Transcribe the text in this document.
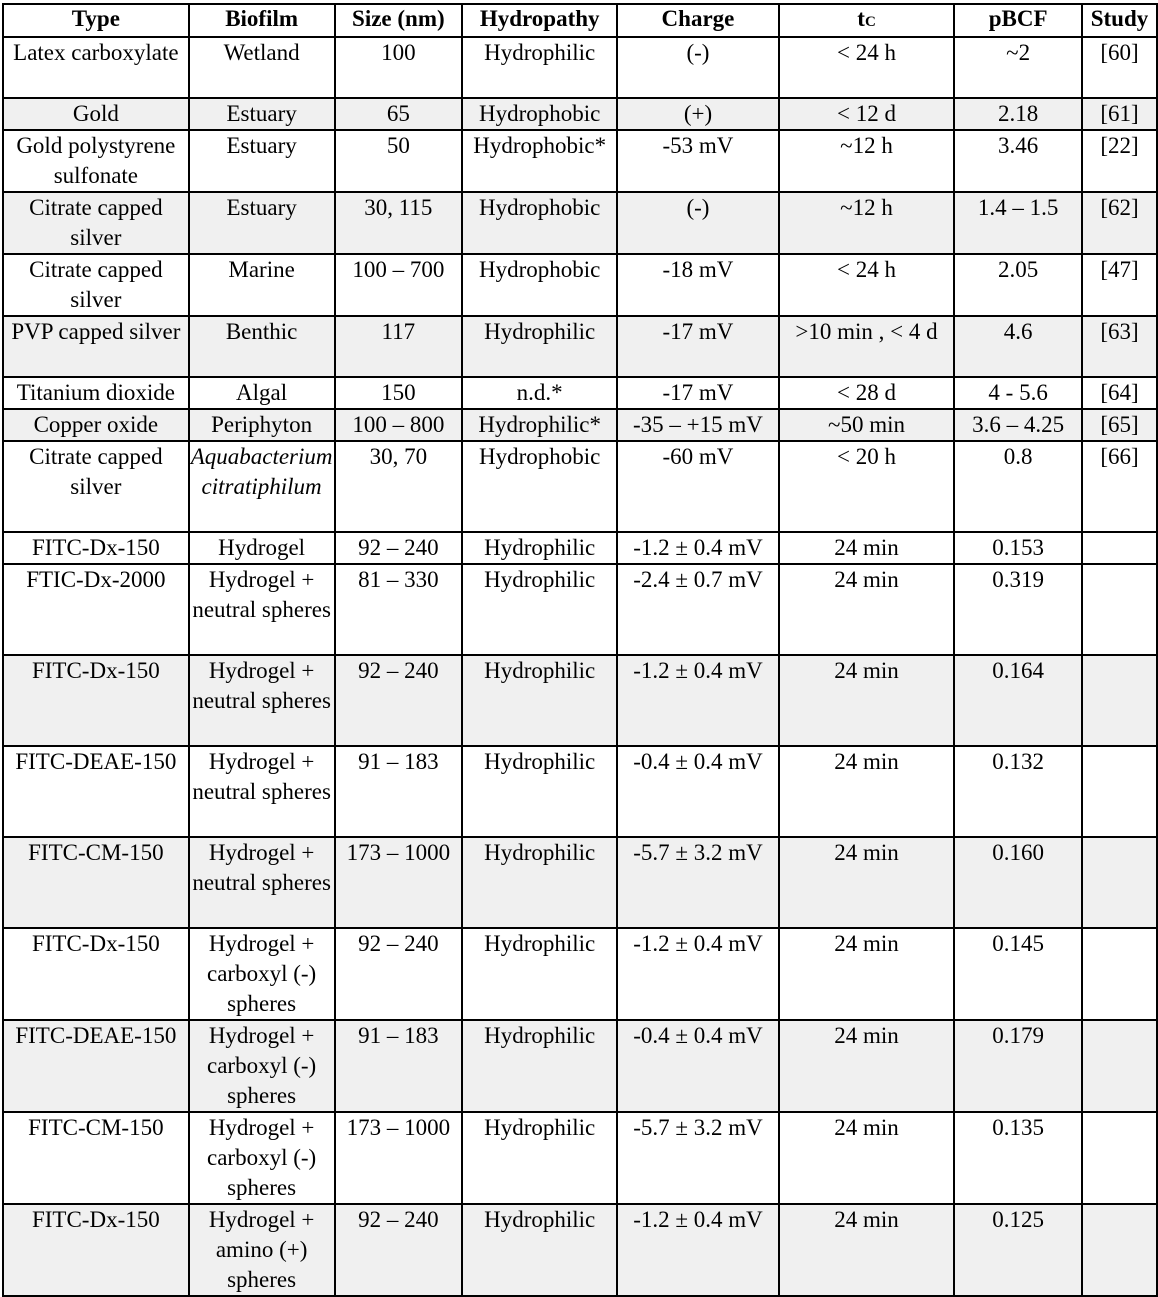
Type	Biofilm	Size (nm)	Hydropathy	Charge	tC	pBCF	Study
Latex carboxylate	Wetland	100	Hydrophilic	(-)	< 24 h	~2	[60]
Gold	Estuary	65	Hydrophobic	(+)	< 12 d	2.18	[61]
Gold polystyrene sulfonate	Estuary	50	Hydrophobic*	-53 mV	~12 h	3.46	[22]
Citrate capped silver	Estuary	30, 115	Hydrophobic	(-)	~12 h	1.4 – 1.5	[62]
Citrate capped silver	Marine	100 – 700	Hydrophobic	-18 mV	< 24 h	2.05	[47]
PVP capped silver	Benthic	117	Hydrophilic	-17 mV	>10 min , < 4 d	4.6	[63]
Titanium dioxide	Algal	150	n.d.*	-17 mV	< 28 d	4 - 5.6	[64]
Copper oxide	Periphyton	100 – 800	Hydrophilic*	-35 – +15 mV	~50 min	3.6 – 4.25	[65]
Citrate capped silver	Aquabacterium citratiphilum	30, 70	Hydrophobic	-60 mV	< 20 h	0.8	[66]
FITC-Dx-150	Hydrogel	92 – 240	Hydrophilic	-1.2 ± 0.4 mV	24 min	0.153	
FTIC-Dx-2000	Hydrogel + neutral spheres	81 – 330	Hydrophilic	-2.4 ± 0.7 mV	24 min	0.319	
FITC-Dx-150	Hydrogel + neutral spheres	92 – 240	Hydrophilic	-1.2 ± 0.4 mV	24 min	0.164	
FITC-DEAE-150	Hydrogel + neutral spheres	91 – 183	Hydrophilic	-0.4 ± 0.4 mV	24 min	0.132	
FITC-CM-150	Hydrogel + neutral spheres	173 – 1000	Hydrophilic	-5.7 ± 3.2 mV	24 min	0.160	
FITC-Dx-150	Hydrogel + carboxyl (-) spheres	92 – 240	Hydrophilic	-1.2 ± 0.4 mV	24 min	0.145	
FITC-DEAE-150	Hydrogel + carboxyl (-) spheres	91 – 183	Hydrophilic	-0.4 ± 0.4 mV	24 min	0.179	
FITC-CM-150	Hydrogel + carboxyl (-) spheres	173 – 1000	Hydrophilic	-5.7 ± 3.2 mV	24 min	0.135	
FITC-Dx-150	Hydrogel + amino (+) spheres	92 – 240	Hydrophilic	-1.2 ± 0.4 mV	24 min	0.125	
